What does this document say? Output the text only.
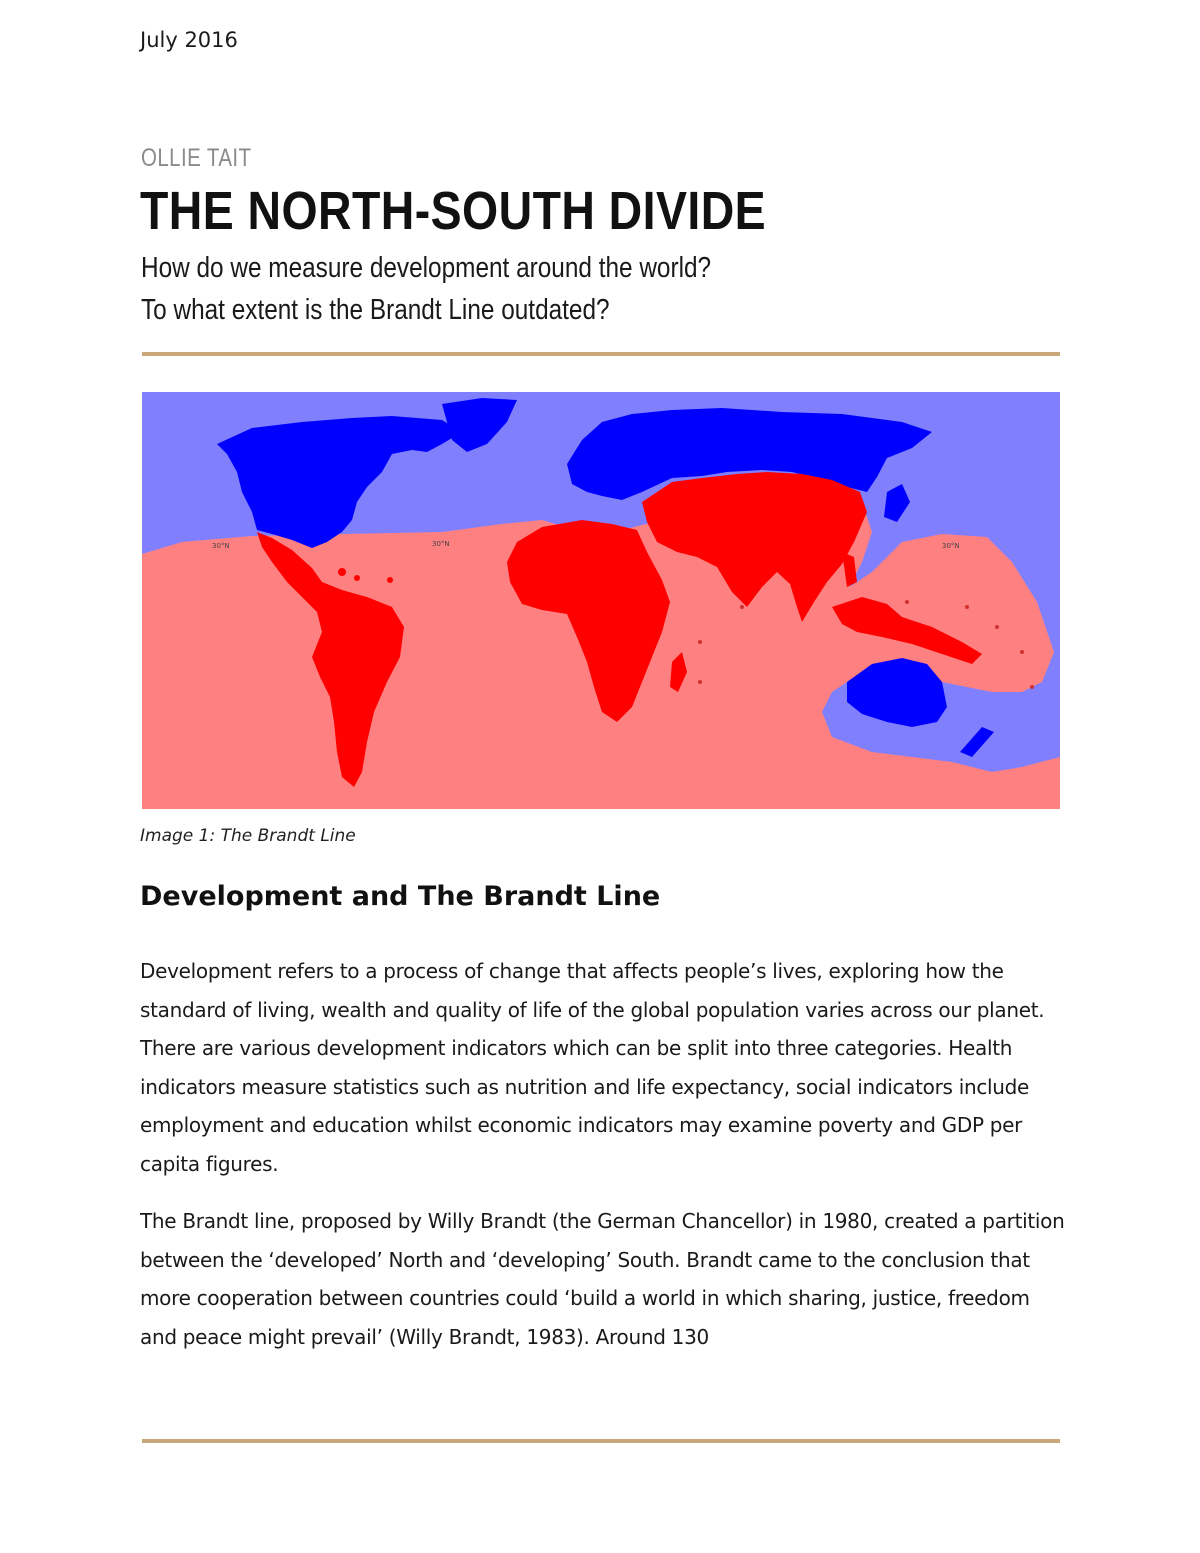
July 2016
OLLIE TAIT
THE NORTH-SOUTH DIVIDE
How do we measure development around the world?
To what extent is the Brandt Line outdated?
30°N	30°N	30°N
Image 1: The Brandt Line
Development and The Brandt Line
Development refers to a process of change that affects people’s lives, exploring how the standard of living, wealth and quality of life of the global population varies across our planet. There are various development indicators which can be split into three categories. Health indicators measure statistics such as nutrition and life expectancy, social indicators include employment and education whilst economic indicators may examine poverty and GDP per capita figures.
The Brandt line, proposed by Willy Brandt (the German Chancellor) in 1980, created a partition between the ‘developed’ North and ‘developing’ South. Brandt came to the conclusion that more cooperation between countries could ‘build a world in which sharing, justice, freedom and peace might prevail’ (Willy Brandt, 1983). Around 130
